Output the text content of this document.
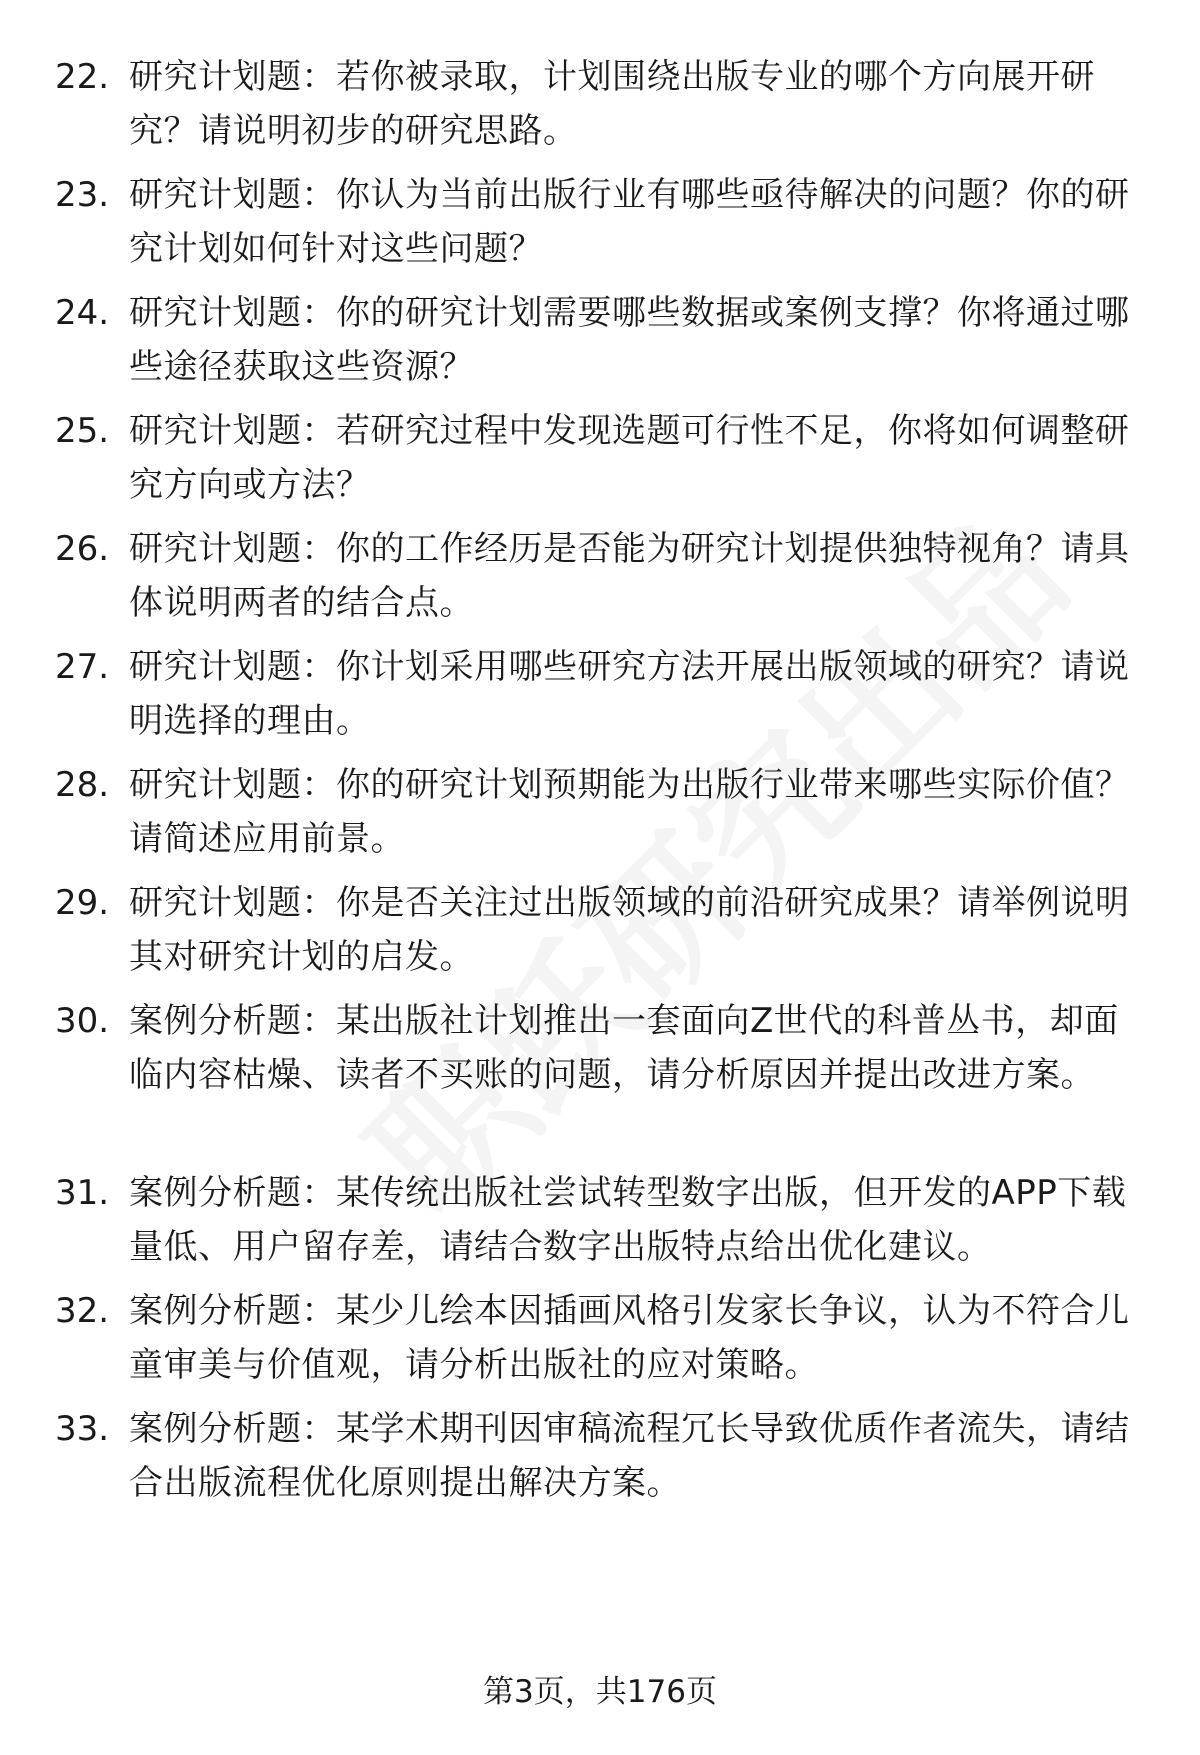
22. 研究计划题：若你被录取，计划围绕出版专业的哪个方向展开研究？请说明初步的研究思路。
23. 研究计划题：你认为当前出版行业有哪些亟待解决的问题？你的研究计划如何针对这些问题？
24. 研究计划题：你的研究计划需要哪些数据或案例支撑？你将通过哪些途径获取这些资源？
25. 研究计划题：若研究过程中发现选题可行性不足，你将如何调整研究方向或方法？
26. 研究计划题：你的工作经历是否能为研究计划提供独特视角？请具体说明两者的结合点。
27. 研究计划题：你计划采用哪些研究方法开展出版领域的研究？请说明选择的理由。
28. 研究计划题：你的研究计划预期能为出版行业带来哪些实际价值？请简述应用前景。
29. 研究计划题：你是否关注过出版领域的前沿研究成果？请举例说明其对研究计划的启发。
30. 案例分析题：某出版社计划推出一套面向Z世代的科普丛书，却面临内容枯燥、读者不买账的问题，请分析原因并提出改进方案。
31. 案例分析题：某传统出版社尝试转型数字出版，但开发的APP下载量低、用户留存差，请结合数字出版特点给出优化建议。
32. 案例分析题：某少儿绘本因插画风格引发家长争议，认为不符合儿童审美与价值观，请分析出版社的应对策略。
33. 案例分析题：某学术期刊因审稿流程冗长导致优质作者流失，请结合出版流程优化原则提出解决方案。
第3页，共176页
